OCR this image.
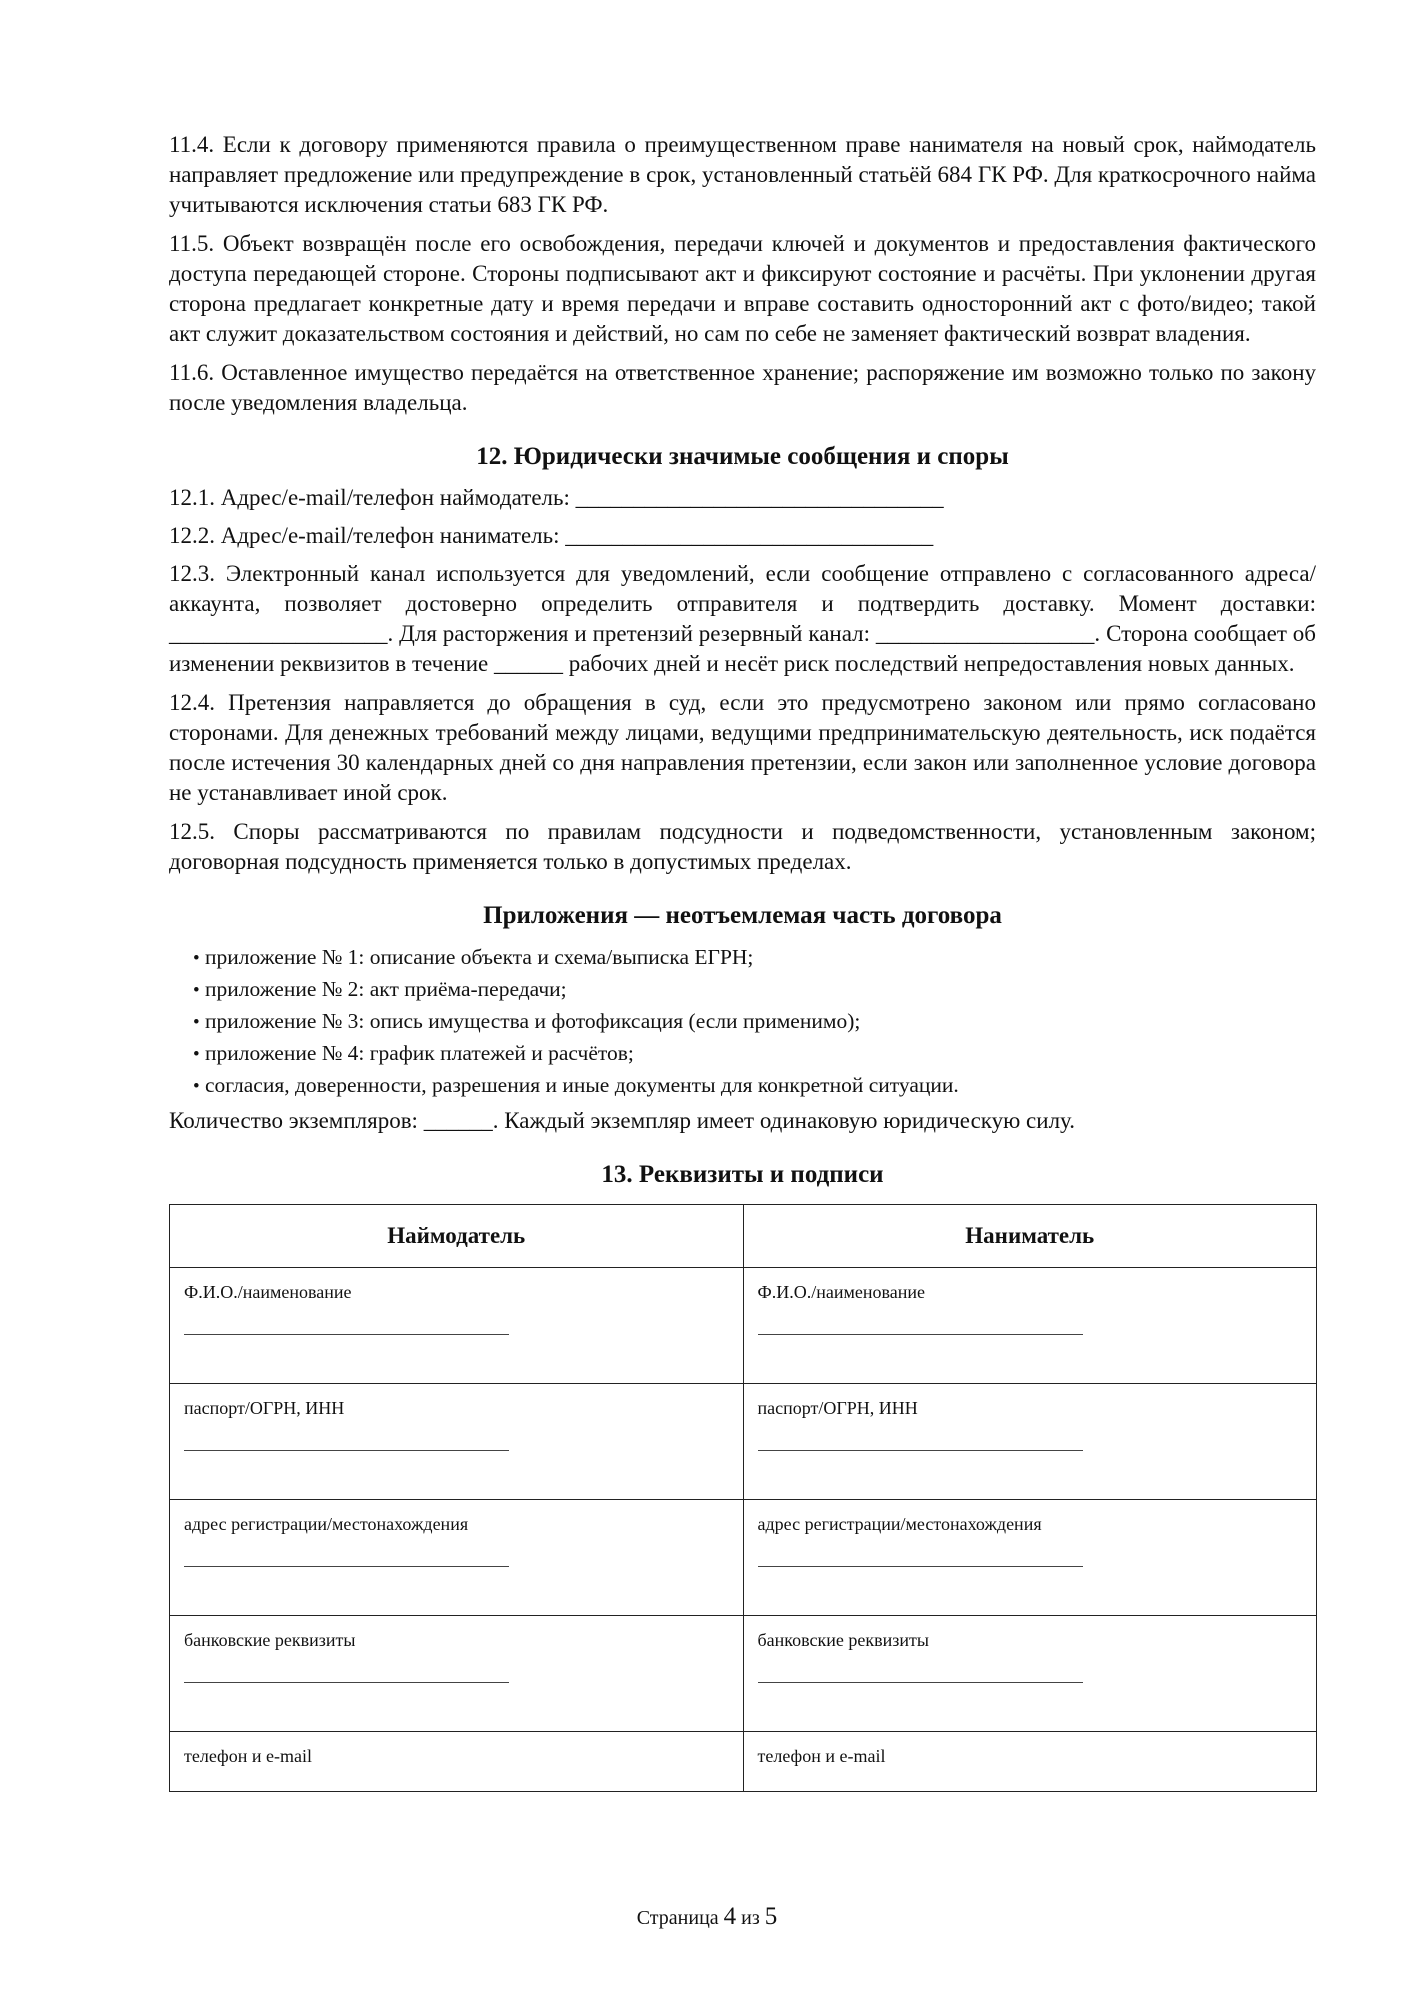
11.4. Если к договору применяются правила о преимущественном праве нанимателя на новый срок, наймодатель направляет предложение или предупреждение в срок, установленный статьёй 684 ГК РФ. Для краткосрочного найма учитываются исключения статьи 683 ГК РФ.

11.5. Объект возвращён после его освобождения, передачи ключей и документов и предоставления фактического доступа передающей стороне. Стороны подписывают акт и фиксируют состояние и расчёты. При уклонении другая сторона предлагает конкретные дату и время передачи и вправе составить односторонний акт с фото/видео; такой акт служит доказательством состояния и действий, но сам по себе не заменяет фактический возврат владения.

11.6. Оставленное имущество передаётся на ответственное хранение; распоряжение им возможно только по закону после уведомления владельца.

12. Юридически значимые сообщения и споры

12.1. Адрес/e-mail/телефон наймодатель: ________________________________

12.2. Адрес/e-mail/телефон наниматель: ________________________________

12.3. Электронный канал используется для уведомлений, если сообщение отправлено с согласованного адреса/аккаунта, позволяет достоверно определить отправителя и подтвердить доставку. Момент доставки: ___________________. Для расторжения и претензий резервный канал: ___________________. Сторона сообщает об изменении реквизитов в течение ______ рабочих дней и несёт риск последствий непредоставления новых данных.

12.4. Претензия направляется до обращения в суд, если это предусмотрено законом или прямо согласовано сторонами. Для денежных требований между лицами, ведущими предпринимательскую деятельность, иск подаётся после истечения 30 календарных дней со дня направления претензии, если закон или заполненное условие договора не устанавливает иной срок.

12.5. Споры рассматриваются по правилам подсудности и подведомственности, установленным законом; договорная подсудность применяется только в допустимых пределах.

Приложения — неотъемлемая часть договора
• приложение № 1: описание объекта и схема/выписка ЕГРН;
• приложение № 2: акт приёма-передачи;
• приложение № 3: опись имущества и фотофиксация (если применимо);
• приложение № 4: график платежей и расчётов;
• согласия, доверенности, разрешения и иные документы для конкретной ситуации.

Количество экземпляров: ______. Каждый экземпляр имеет одинаковую юридическую силу.

13. Реквизиты и подписи
Наймодатель	Наниматель
Ф.И.О./наименование	Ф.И.О./наименование

паспорт/ОГРН, ИНН	паспорт/ОГРН, ИНН

адрес регистрации/местонахождения	адрес регистрации/местонахождения

банковские реквизиты	банковские реквизиты

телефон и e-mail	телефон и e-mail
Страница 4 из 5
